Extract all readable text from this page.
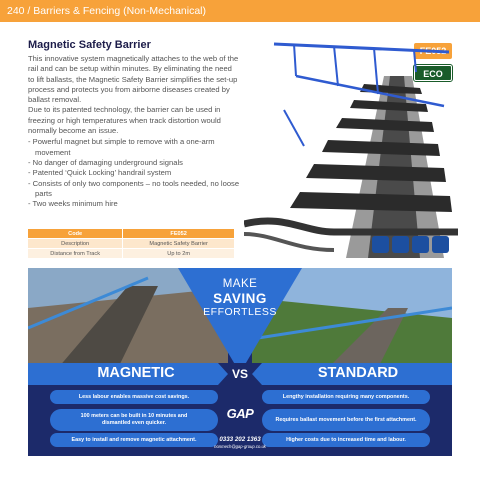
240 / Barriers & Fencing (Non-Mechanical)
Magnetic Safety Barrier

This innovative system magnetically attaches to the web of the rail and can be setup within minutes. By eliminating the need to lift ballasts, the Magnetic Safety Barrier simplifies the set-up process and protects you from airborne diseases created by ballast removal.

Due to its patented technology, the barrier can be used in freezing or high temperatures when track distortion would normally become an issue.

- Powerful magnet but simple to remove with a one-arm movement
- No danger of damaging underground signals
- Patented ‘Quick Locking’ handrail system
- Consists of only two components – no tools needed, no loose parts
- Two weeks minimum hire
Code	FE052
Description	Magnetic Safety Barrier
Distance from Track	Up to 2m
ECO
MAKE
SAVING
EFFORTLESS
MAGNETIC	VS	STANDARD
Less labour enables massive cost savings.
100 meters can be built in 10 minutes and dismantled even quicker.
Easy to install and remove magnetic attachment.
Lengthy installation requiring many components.
Requires ballast movement before the first attachment.
Higher costs due to increased time and labour.
GAP
0333 202 1363
nonmech@gap-group.co.uk
